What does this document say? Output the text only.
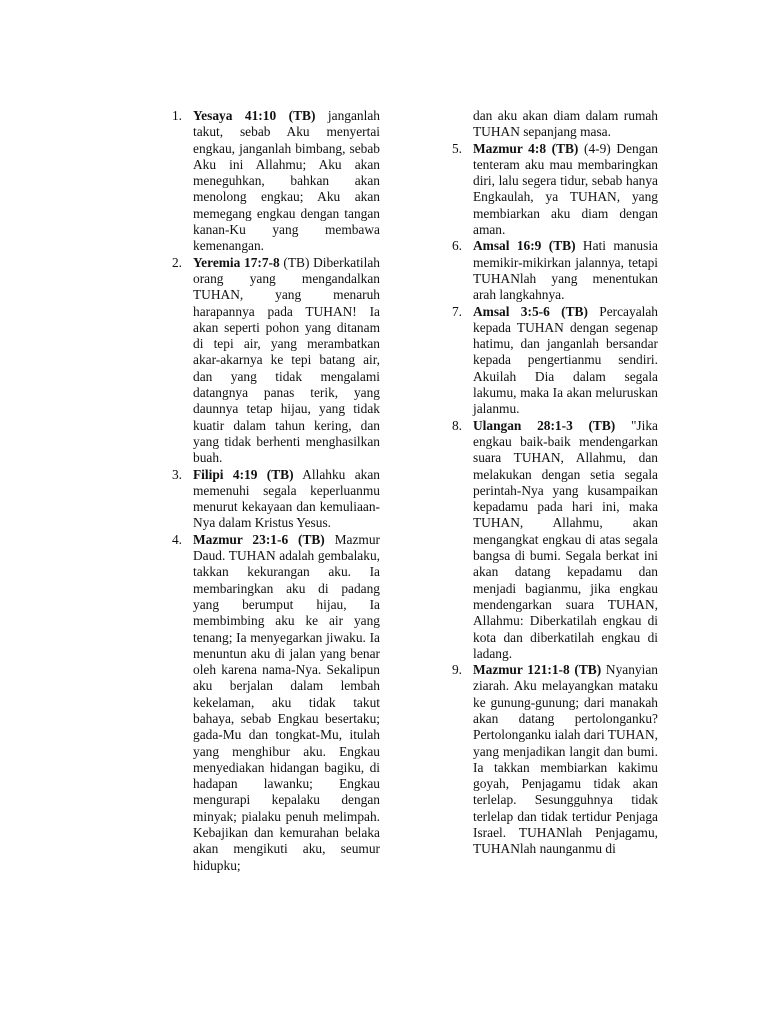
1. Yesaya 41:10 (TB) janganlah takut, sebab Aku menyertai engkau, janganlah bimbang, sebab Aku ini Allahmu; Aku akan meneguhkan, bahkan akan menolong engkau; Aku akan memegang engkau dengan tangan kanan-Ku yang membawa kemenangan.
2. Yeremia 17:7-8 (TB) Diberkatilah orang yang mengandalkan TUHAN, yang menaruh harapannya pada TUHAN! Ia akan seperti pohon yang ditanam di tepi air, yang merambatkan akar-akarnya ke tepi batang air, dan yang tidak mengalami datangnya panas terik, yang daunnya tetap hijau, yang tidak kuatir dalam tahun kering, dan yang tidak berhenti menghasilkan buah.
3. Filipi 4:19 (TB) Allahku akan memenuhi segala keperluanmu menurut kekayaan dan kemuliaan-Nya dalam Kristus Yesus.
4. Mazmur 23:1-6 (TB) Mazmur Daud. TUHAN adalah gembalaku, takkan kekurangan aku. Ia membaringkan aku di padang yang berumput hijau, Ia membimbing aku ke air yang tenang; Ia menyegarkan jiwaku. Ia menuntun aku di jalan yang benar oleh karena nama-Nya. Sekalipun aku berjalan dalam lembah kekelaman, aku tidak takut bahaya, sebab Engkau besertaku; gada-Mu dan tongkat-Mu, itulah yang menghibur aku. Engkau menyediakan hidangan bagiku, di hadapan lawanku; Engkau mengurapi kepalaku dengan minyak; pialaku penuh melimpah. Kebajikan dan kemurahan belaka akan mengikuti aku, seumur hidupku;
dan aku akan diam dalam rumah TUHAN sepanjang masa.
5. Mazmur 4:8 (TB) (4-9) Dengan tenteram aku mau membaringkan diri, lalu segera tidur, sebab hanya Engkaulah, ya TUHAN, yang membiarkan aku diam dengan aman.
6. Amsal 16:9 (TB) Hati manusia memikir-mikirkan jalannya, tetapi TUHANlah yang menentukan arah langkahnya.
7. Amsal 3:5-6 (TB) Percayalah kepada TUHAN dengan segenap hatimu, dan janganlah bersandar kepada pengertianmu sendiri. Akuilah Dia dalam segala lakumu, maka Ia akan meluruskan jalanmu.
8. Ulangan 28:1-3 (TB) "Jika engkau baik-baik mendengarkan suara TUHAN, Allahmu, dan melakukan dengan setia segala perintah-Nya yang kusampaikan kepadamu pada hari ini, maka TUHAN, Allahmu, akan mengangkat engkau di atas segala bangsa di bumi. Segala berkat ini akan datang kepadamu dan menjadi bagianmu, jika engkau mendengarkan suara TUHAN, Allahmu: Diberkatilah engkau di kota dan diberkatilah engkau di ladang.
9. Mazmur 121:1-8 (TB) Nyanyian ziarah. Aku melayangkan mataku ke gunung-gunung; dari manakah akan datang pertolonganku? Pertolonganku ialah dari TUHAN, yang menjadikan langit dan bumi. Ia takkan membiarkan kakimu goyah, Penjagamu tidak akan terlelap. Sesungguhnya tidak terlelap dan tidak tertidur Penjaga Israel. TUHANlah Penjagamu, TUHANlah naunganmu di
